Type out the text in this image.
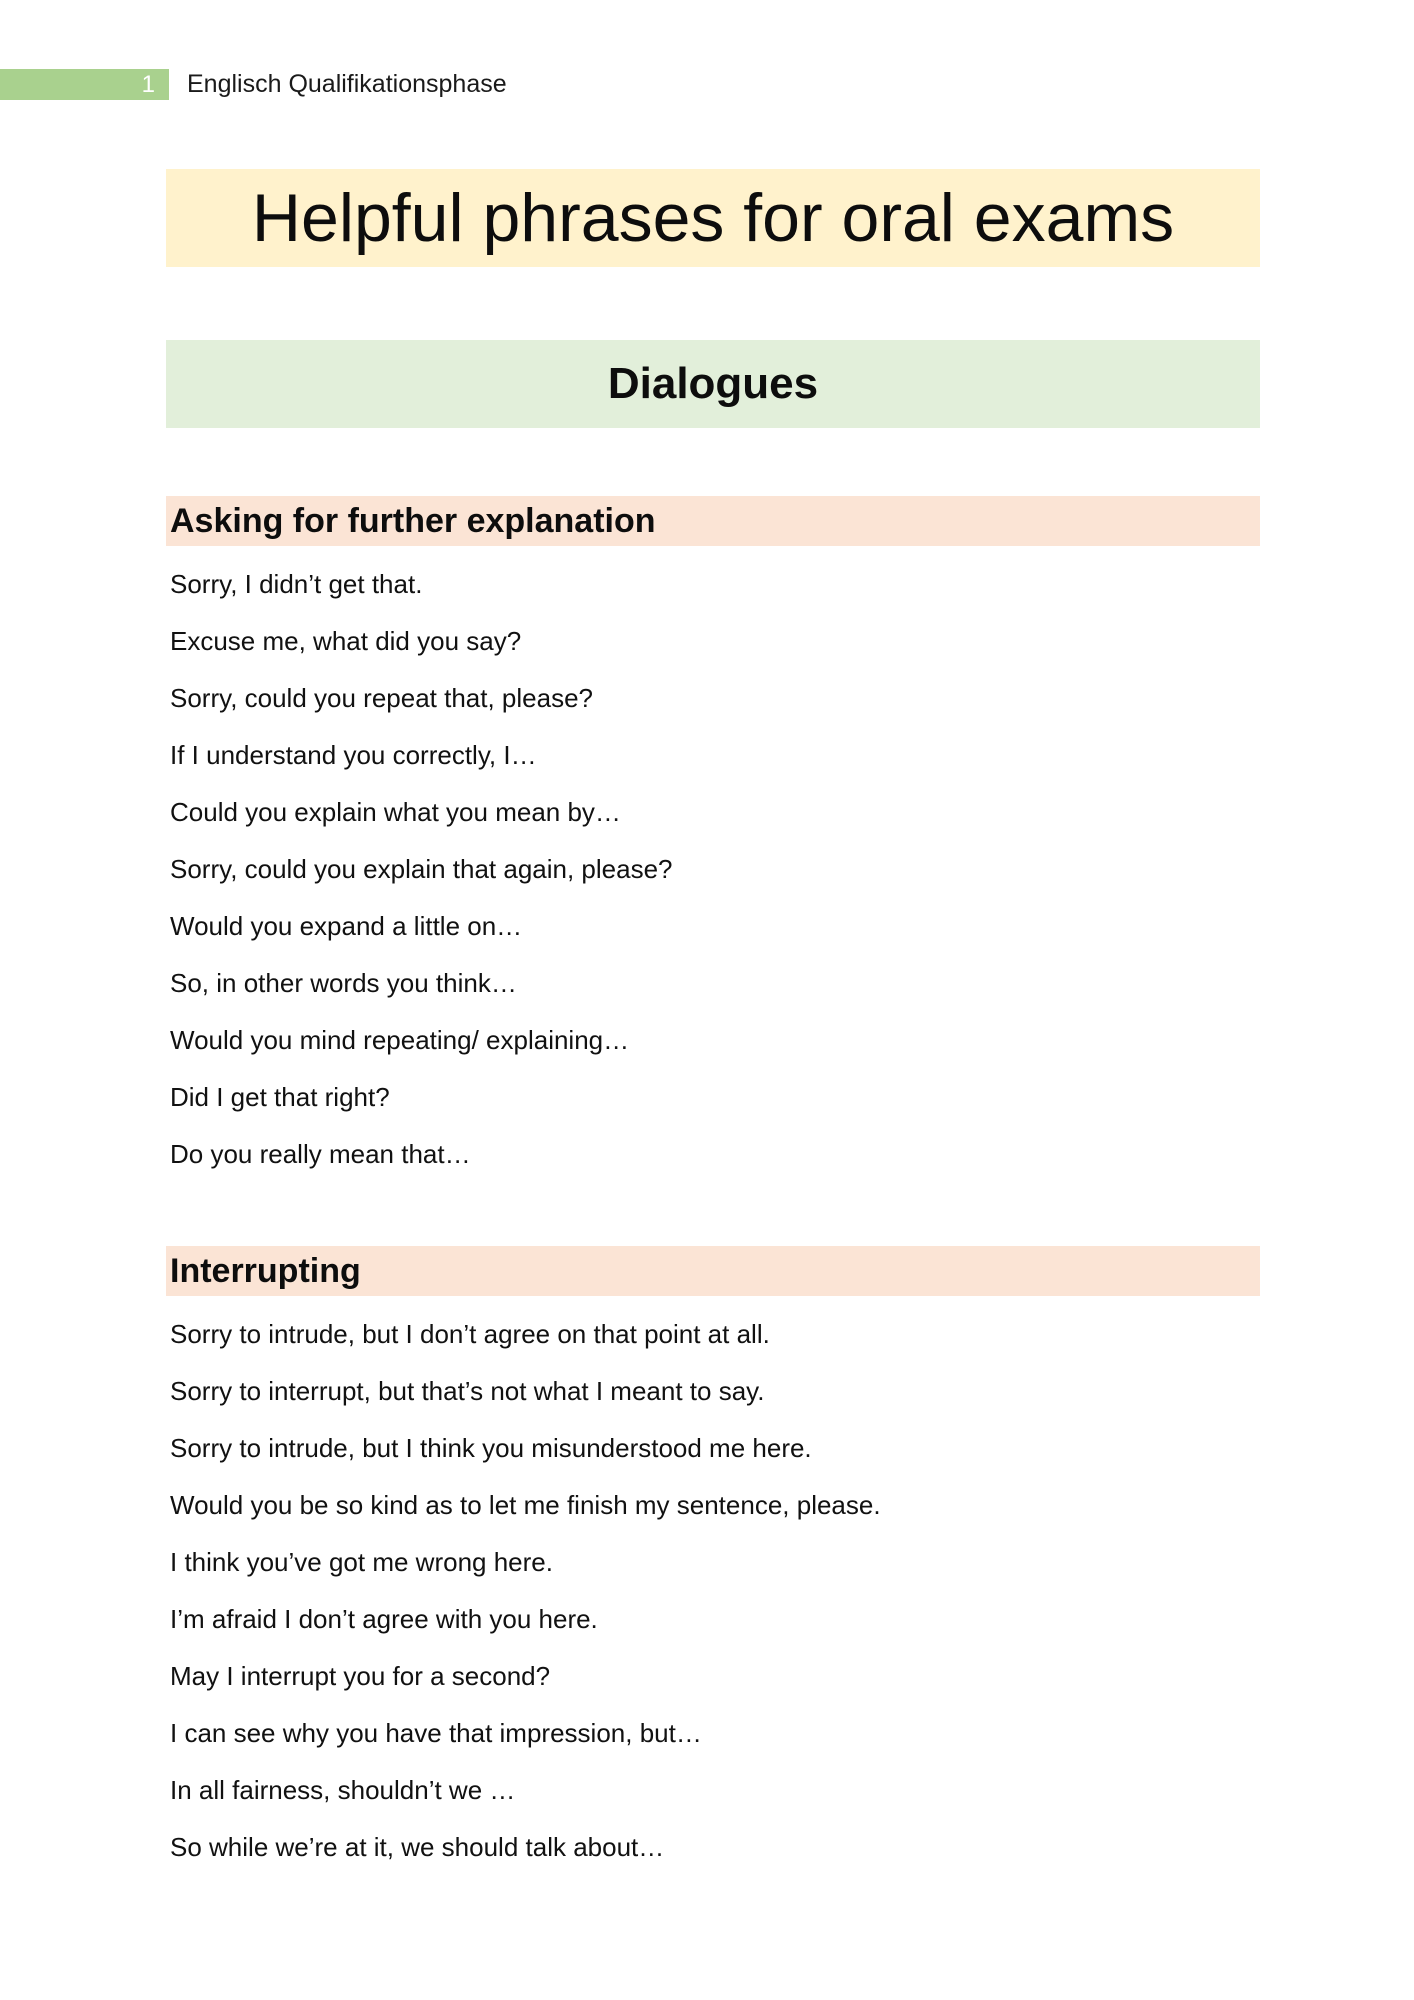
1 Englisch Qualifikationsphase
Helpful phrases for oral exams
Dialogues
Asking for further explanation
Sorry, I didn’t get that.
Excuse me, what did you say?
Sorry, could you repeat that, please?
If I understand you correctly, I…
Could you explain what you mean by…
Sorry, could you explain that again, please?
Would you expand a little on…
So, in other words you think…
Would you mind repeating/ explaining…
Did I get that right?
Do you really mean that…
Interrupting
Sorry to intrude, but I don’t agree on that point at all.
Sorry to interrupt, but that’s not what I meant to say.
Sorry to intrude, but I think you misunderstood me here.
Would you be so kind as to let me finish my sentence, please.
I think you’ve got me wrong here.
I’m afraid I don’t agree with you here.
May I interrupt you for a second?
I can see why you have that impression, but…
In all fairness, shouldn’t we …
So while we’re at it, we should talk about…
